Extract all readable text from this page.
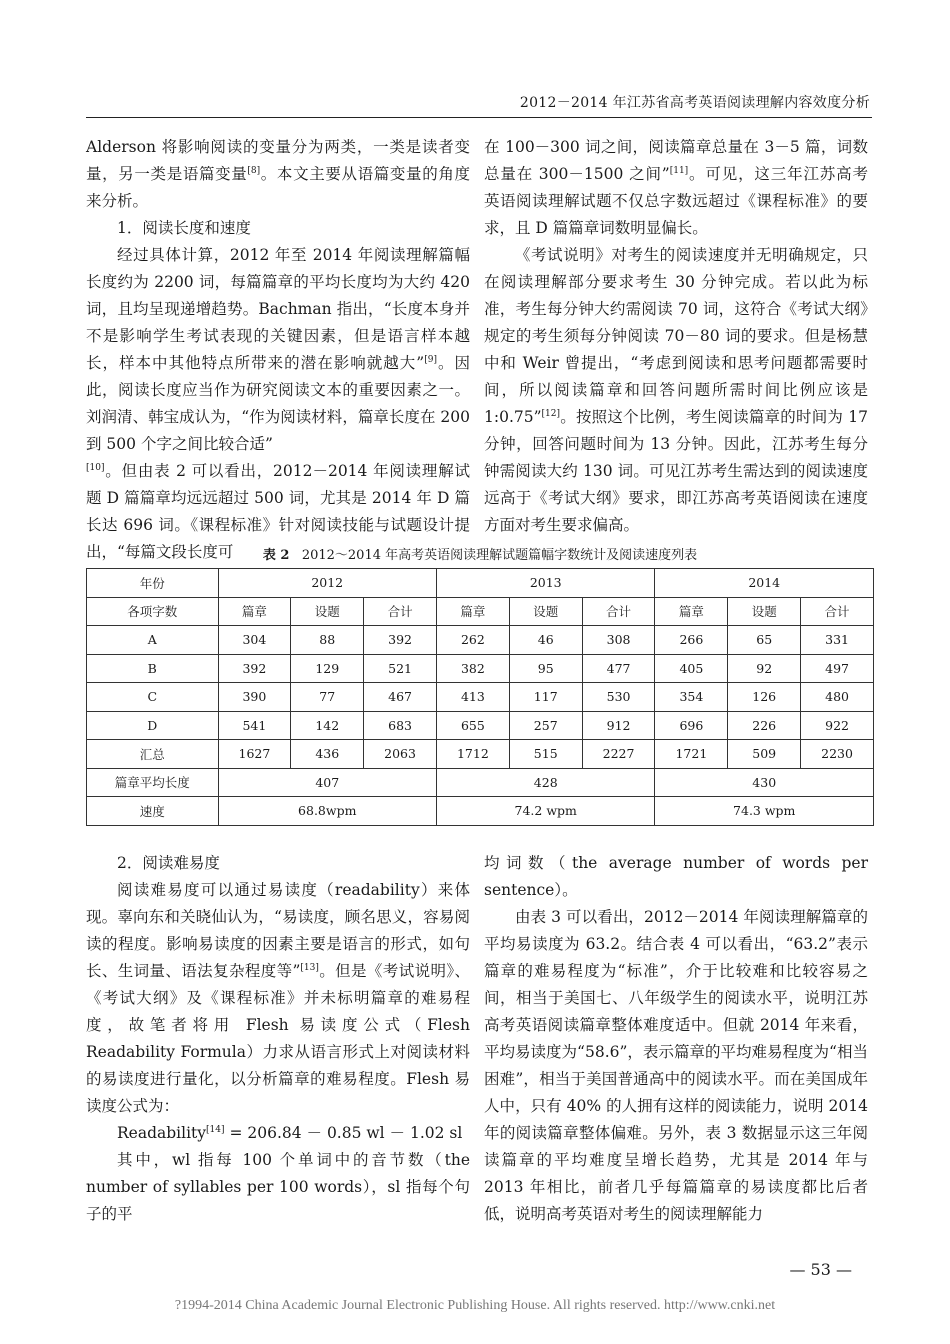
2012－2014 年江苏省高考英语阅读理解内容效度分析

Alderson 将影响阅读的变量分为两类，一类是读者变量，另一类是语篇变量[8]。本文主要从语篇变量的角度来分析。

1．阅读长度和速度

经过具体计算，2012 年至 2014 年阅读理解篇幅长度约为 2200 词，每篇篇章的平均长度均为大约 420 词，且均呈现递增趋势。Bachman 指出，“长度本身并不是影响学生考试表现的关键因素，但是语言样本越长，样本中其他特点所带来的潜在影响就越大”[9]。因此，阅读长度应当作为研究阅读文本的重要因素之一。刘润清、韩宝成认为，“作为阅读材料，篇章长度在 200 到 500 个字之间比较合适”

[10]。但由表 2 可以看出，2012－2014 年阅读理解试题 D 篇篇章均远远超过 500 词，尤其是 2014 年 D 篇长达 696 词。《课程标准》针对阅读技能与试题设计提出，“每篇文段长度可

在 100－300 词之间，阅读篇章总量在 3－5 篇，词数总量在 300－1500 之间”[11]。可见，这三年江苏高考英语阅读理解试题不仅总字数远超过《课程标准》的要求，且 D 篇篇章词数明显偏长。

《考试说明》对考生的阅读速度并无明确规定，只在阅读理解部分要求考生 30 分钟完成。若以此为标准，考生每分钟大约需阅读 70 词，这符合《考试大纲》规定的考生须每分钟阅读 70－80 词的要求。但是杨慧中和 Weir 曾提出，“考虑到阅读和思考问题都需要时间，所以阅读篇章和回答问题所需时间比例应该是 1:0.75”[12]。按照这个比例，考生阅读篇章的时间为 17 分钟，回答问题时间为 13 分钟。因此，江苏考生每分钟需阅读大约 130 词。可见江苏考生需达到的阅读速度远高于《考试大纲》要求，即江苏高考英语阅读在速度方面对考生要求偏高。

表 2 2012～2014 年高考英语阅读理解试题篇幅字数统计及阅读速度列表
年份	2012			2013			2014		
各项字数	篇章	设题	合计	篇章	设题	合计	篇章	设题	合计
A	304	88	392	262	46	308	266	65	331
B	392	129	521	382	95	477	405	92	497
C	390	77	467	413	117	530	354	126	480
D	541	142	683	655	257	912	696	226	922
汇总	1627	436	2063	1712	515	2227	1721	509	2230
篇章平均长度	407			428			430		
速度	68.8wpm			74.2 wpm			74.3 wpm		

2．阅读难易度

阅读难易度可以通过易读度（readability）来体现。辜向东和关晓仙认为，“易读度，顾名思义，容易阅读的程度。影响易读度的因素主要是语言的形式，如句长、生词量、语法复杂程度等”[13]。但是《考试说明》、《考试大纲》及《课程标准》并未标明篇章的难易程度，故笔者将用 Flesh 易读度公式（Flesh Readability Formula）力求从语言形式上对阅读材料的易读度进行量化，以分析篇章的难易程度。Flesh 易读度公式为：

Readability[14] = 206.84 － 0.85 wl － 1.02 sl

其中，wl 指每 100 个单词中的音节数（the number of syllables per 100 words），sl 指每个句子的平

均词数（the average number of words per sentence）。

由表 3 可以看出，2012－2014 年阅读理解篇章的平均易读度为 63.2。结合表 4 可以看出，“63.2”表示篇章的难易程度为“标准”，介于比较难和比较容易之间，相当于美国七、八年级学生的阅读水平，说明江苏高考英语阅读篇章整体难度适中。但就 2014 年来看，平均易读度为“58.6”，表示篇章的平均难易程度为“相当困难”，相当于美国普通高中的阅读水平。而在美国成年人中，只有 40% 的人拥有这样的阅读能力，说明 2014 年的阅读篇章整体偏难。另外，表 3 数据显示这三年阅读篇章的平均难度呈增长趋势，尤其是 2014 年与 2013 年相比，前者几乎每篇篇章的易读度都比后者低，说明高考英语对考生的阅读理解能力

— 53 —
?1994-2014 China Academic Journal Electronic Publishing House. All rights reserved. http://www.cnki.net
